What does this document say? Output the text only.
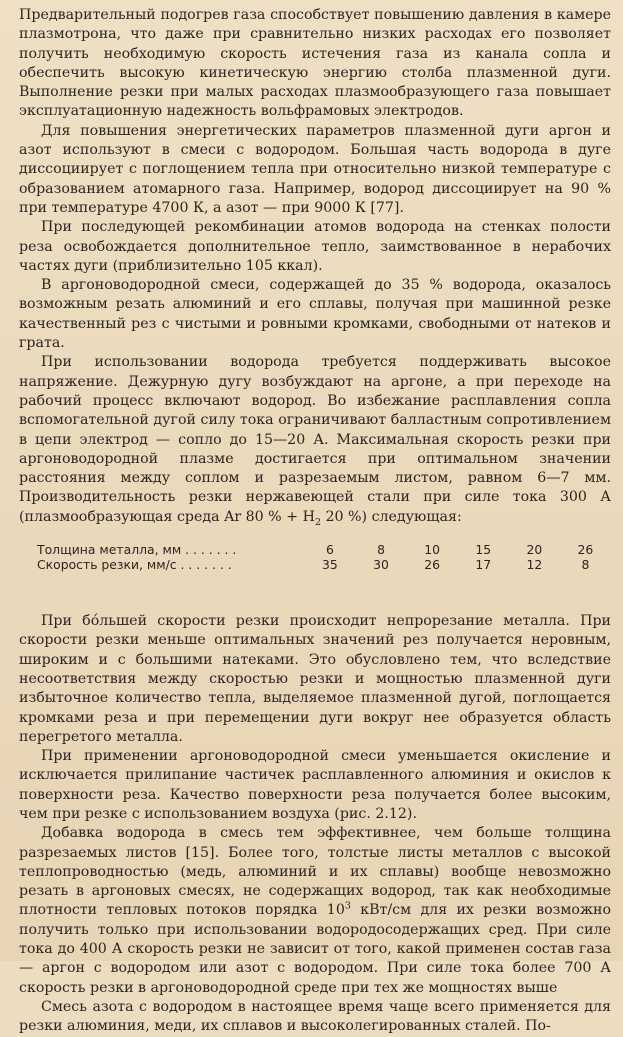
Предварительный подогрев газа способствует повышению давления в камере плазмотрона, что даже при сравнительно низких расходах его позволяет получить необходимую скорость истечения газа из канала сопла и обеспечить высокую кинетическую энергию столба плазменной дуги. Выполнение резки при малых расходах плазмообразующего газа повышает эксплуатационную надежность вольфрамовых электродов.

Для повышения энергетических параметров плазменной дуги аргон и азот используют в смеси с водородом. Большая часть водорода в дуге диссоциирует с поглощением тепла при относительно низкой температуре с образованием атомарного газа. Например, водород диссоциирует на 90 % при температуре 4700 К, а азот — при 9000 К [77].

При последующей рекомбинации атомов водорода на стенках полости реза освобождается дополнительное тепло, заимствованное в нерабочих частях дуги (приблизительно 105 ккал).

В аргоноводородной смеси, содержащей до 35 % водорода, оказалось возможным резать алюминий и его сплавы, получая при машинной резке качественный рез с чистыми и ровными кромками, свободными от натеков и грата.

При использовании водорода требуется поддерживать высокое напряжение. Дежурную дугу возбуждают на аргоне, а при переходе на рабочий процесс включают водород. Во избежание расплавления сопла вспомогательной дугой силу тока ограничивают балластным сопротивлением в цепи электрод — сопло до 15—20 А. Максимальная скорость резки при аргоноводородной плазме достигается при оптимальном значении расстояния между соплом и разрезаемым листом, равном 6—7 мм. Производительность резки нержавеющей стали при силе тока 300 А (плазмообразующая среда Ar 80 % + $H_2$ 20 %) следующая:

Толщина металла, мм . . . . . . .	6	8	10	15	20	26
Скорость резки, мм/с . . . . . . .	35	30	26	17	12	8

При бóльшей скорости резки происходит непрорезание металла. При скорости резки меньше оптимальных значений рез получается неровным, широким и с большими натеками. Это обусловлено тем, что вследствие несоответствия между скоростью резки и мощностью плазменной дуги избыточное количество тепла, выделяемое плазменной дугой, поглощается кромками реза и при перемещении дуги вокруг нее образуется область перегретого металла.

При применении аргоноводородной смеси уменьшается окисление и исключается прилипание частичек расплавленного алюминия и окислов к поверхности реза. Качество поверхности реза получается более высоким, чем при резке с использованием воздуха (рис. 2.12).

Добавка водорода в смесь тем эффективнее, чем больше толщина разрезаемых листов [15]. Более того, толстые листы металлов с высокой теплопроводностью (медь, алюминий и их сплавы) вообще невозможно резать в аргоновых смесях, не содержащих водород, так как необходимые плотности тепловых потоков порядка $10^3$ кВт/см для их резки возможно получить только при использовании водородосодержащих сред. При силе тока до 400 А скорость резки не зависит от того, какой применен состав газа — аргон с водородом или азот с водородом. При силе тока более 700 А скорость резки в аргоноводородной среде при тех же мощностях выше

Смесь азота с водородом в настоящее время чаще всего применяется для резки алюминия, меди, их сплавов и высоколегированных сталей. По-
